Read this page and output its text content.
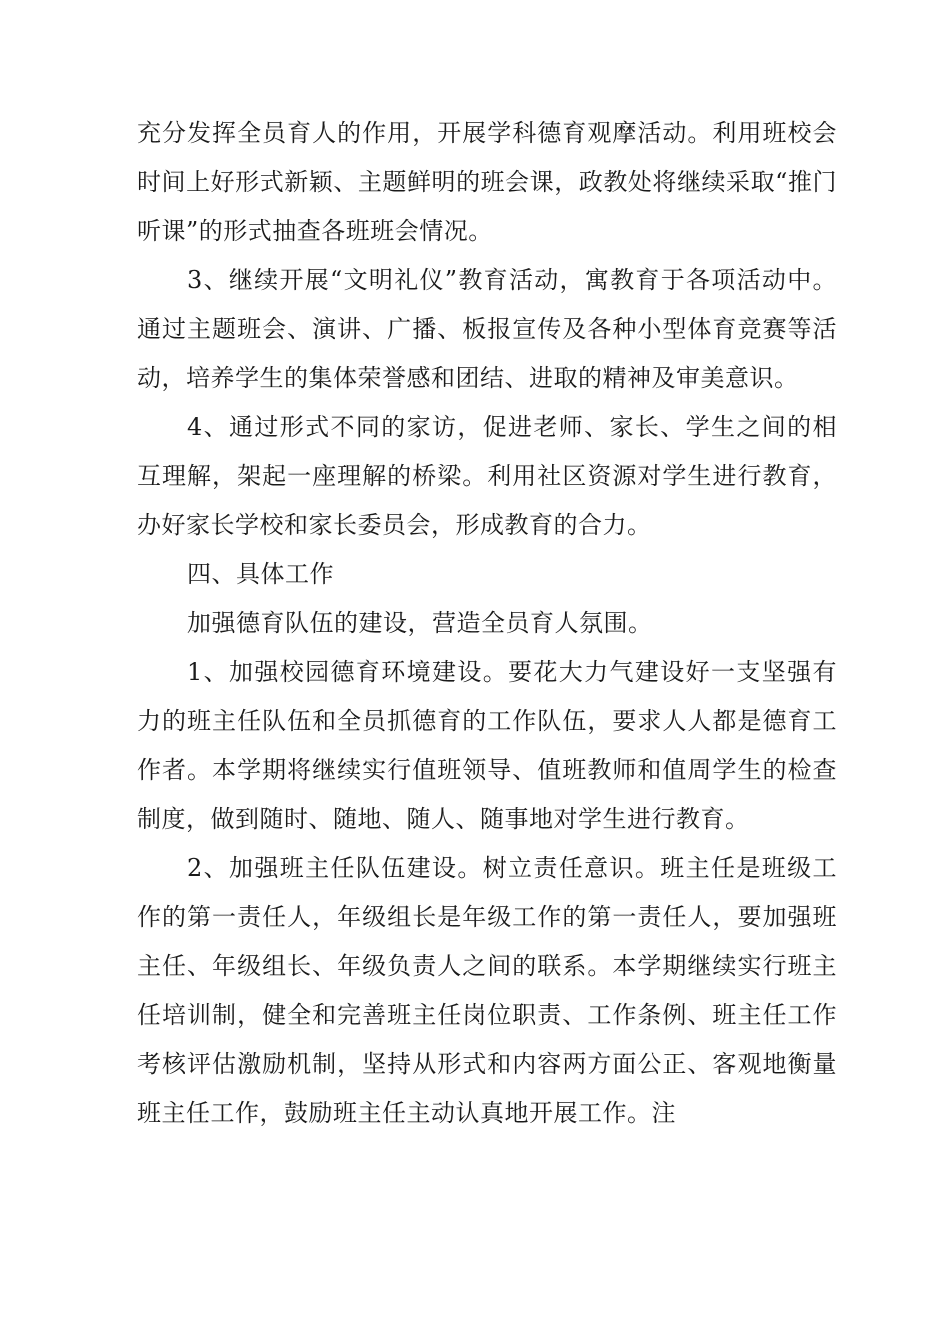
充分发挥全员育人的作用，开展学科德育观摩活动。利用班校会时间上好形式新颖、主题鲜明的班会课，政教处将继续采取“推门听课”的形式抽查各班班会情况。

3、继续开展“文明礼仪”教育活动，寓教育于各项活动中。通过主题班会、演讲、广播、板报宣传及各种小型体育竞赛等活动，培养学生的集体荣誉感和团结、进取的精神及审美意识。

4、通过形式不同的家访，促进老师、家长、学生之间的相互理解，架起一座理解的桥梁。利用社区资源对学生进行教育，办好家长学校和家长委员会，形成教育的合力。

四、具体工作

加强德育队伍的建设，营造全员育人氛围。

1、加强校园德育环境建设。要花大力气建设好一支坚强有力的班主任队伍和全员抓德育的工作队伍，要求人人都是德育工作者。本学期将继续实行值班领导、值班教师和值周学生的检查制度，做到随时、随地、随人、随事地对学生进行教育。

2、加强班主任队伍建设。树立责任意识。班主任是班级工作的第一责任人，年级组长是年级工作的第一责任人，要加强班主任、年级组长、年级负责人之间的联系。本学期继续实行班主任培训制，健全和完善班主任岗位职责、工作条例、班主任工作考核评估激励机制，坚持从形式和内容两方面公正、客观地衡量班主任工作，鼓励班主任主动认真地开展工作。注
